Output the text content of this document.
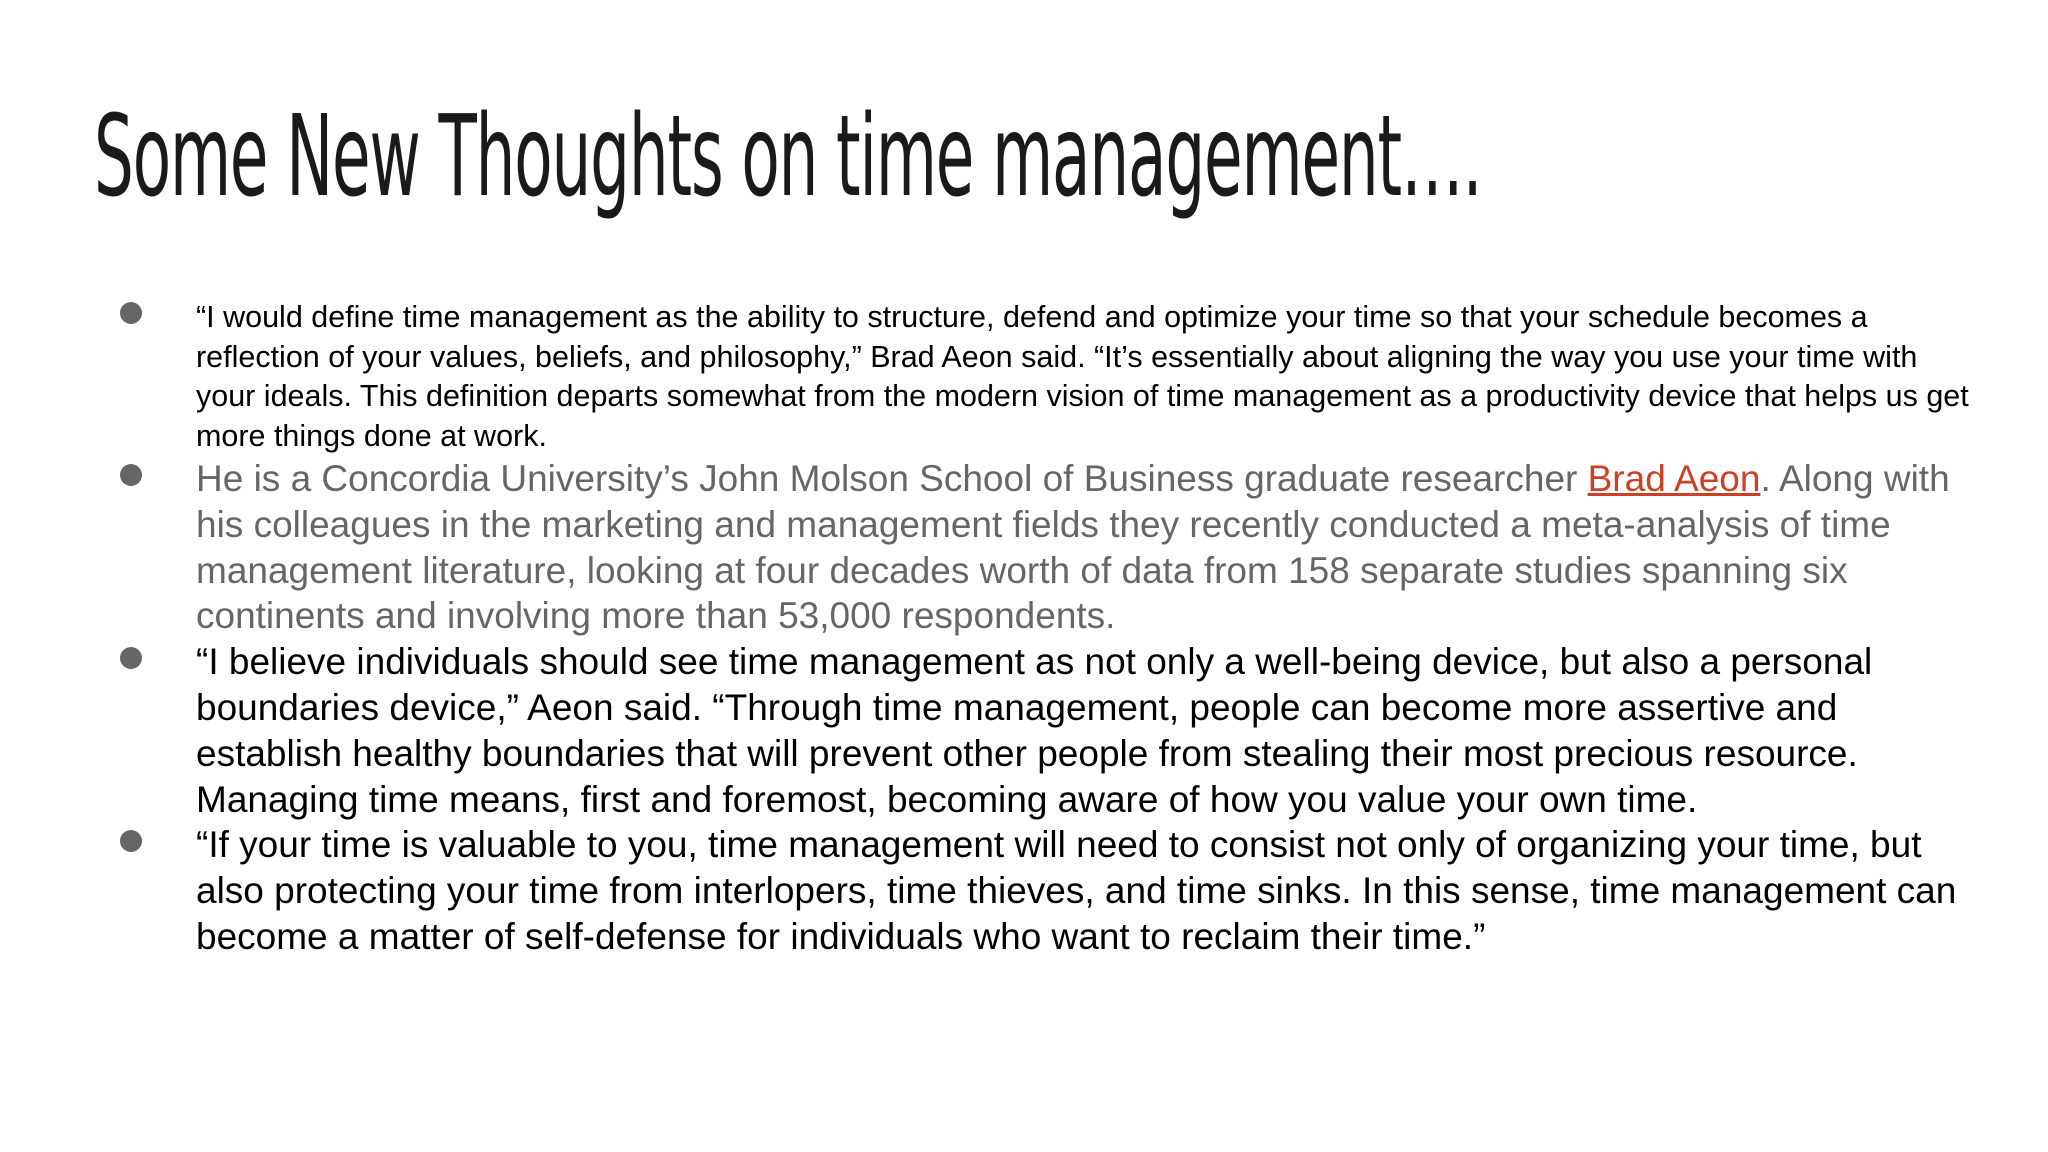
Some New Thoughts on time management….
“I would define time management as the ability to structure, defend and optimize your time so that your schedule becomes a reflection of your values, beliefs, and philosophy,” Brad Aeon said. “It’s essentially about aligning the way you use your time with your ideals. This definition departs somewhat from the modern vision of time management as a productivity device that helps us get more things done at work.
He is a Concordia University’s John Molson School of Business graduate researcher Brad Aeon. Along with his colleagues in the marketing and management fields they recently conducted a meta-analysis of time management literature, looking at four decades worth of data from 158 separate studies spanning six continents and involving more than 53,000 respondents.
“I believe individuals should see time management as not only a well-being device, but also a personal boundaries device,” Aeon said. “Through time management, people can become more assertive and establish healthy boundaries that will prevent other people from stealing their most precious resource. Managing time means, first and foremost, becoming aware of how you value your own time.
“If your time is valuable to you, time management will need to consist not only of organizing your time, but also protecting your time from interlopers, time thieves, and time sinks. In this sense, time management can become a matter of self-defense for individuals who want to reclaim their time.”
